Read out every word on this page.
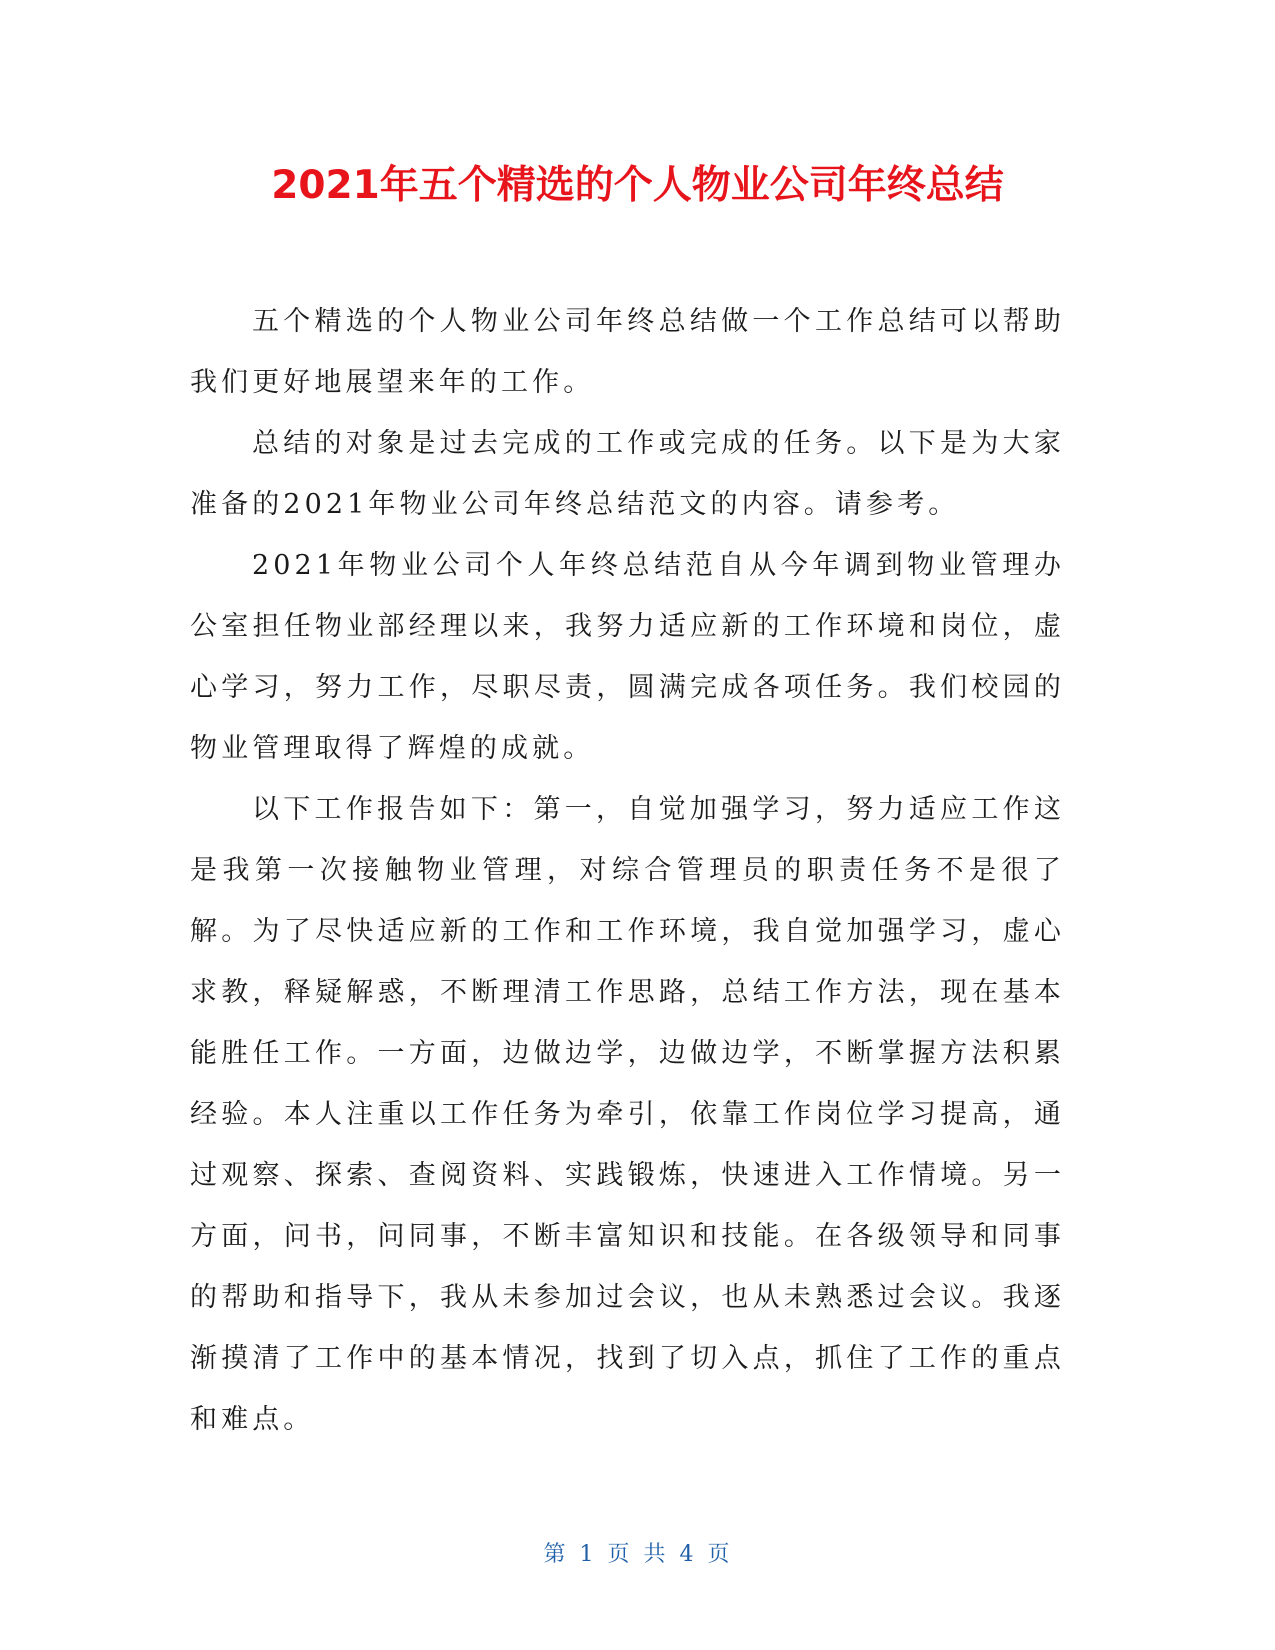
2021年五个精选的个人物业公司年终总结

五个精选的个人物业公司年终总结做一个工作总结可以帮助我们更好地展望来年的工作。

总结的对象是过去完成的工作或完成的任务。以下是为大家准备的2021年物业公司年终总结范文的内容。请参考。

2021年物业公司个人年终总结范自从今年调到物业管理办公室担任物业部经理以来，我努力适应新的工作环境和岗位，虚心学习，努力工作，尽职尽责，圆满完成各项任务。我们校园的物业管理取得了辉煌的成就。

以下工作报告如下：第一，自觉加强学习，努力适应工作这是我第一次接触物业管理，对综合管理员的职责任务不是很了解。为了尽快适应新的工作和工作环境，我自觉加强学习，虚心求教，释疑解惑，不断理清工作思路，总结工作方法，现在基本能胜任工作。一方面，边做边学，边做边学，不断掌握方法积累经验。本人注重以工作任务为牵引，依靠工作岗位学习提高，通过观察、探索、查阅资料、实践锻炼，快速进入工作情境。另一方面，问书，问同事，不断丰富知识和技能。在各级领导和同事的帮助和指导下，我从未参加过会议，也从未熟悉过会议。我逐渐摸清了工作中的基本情况，找到了切入点，抓住了工作的重点和难点。

第 1 页 共 4 页
